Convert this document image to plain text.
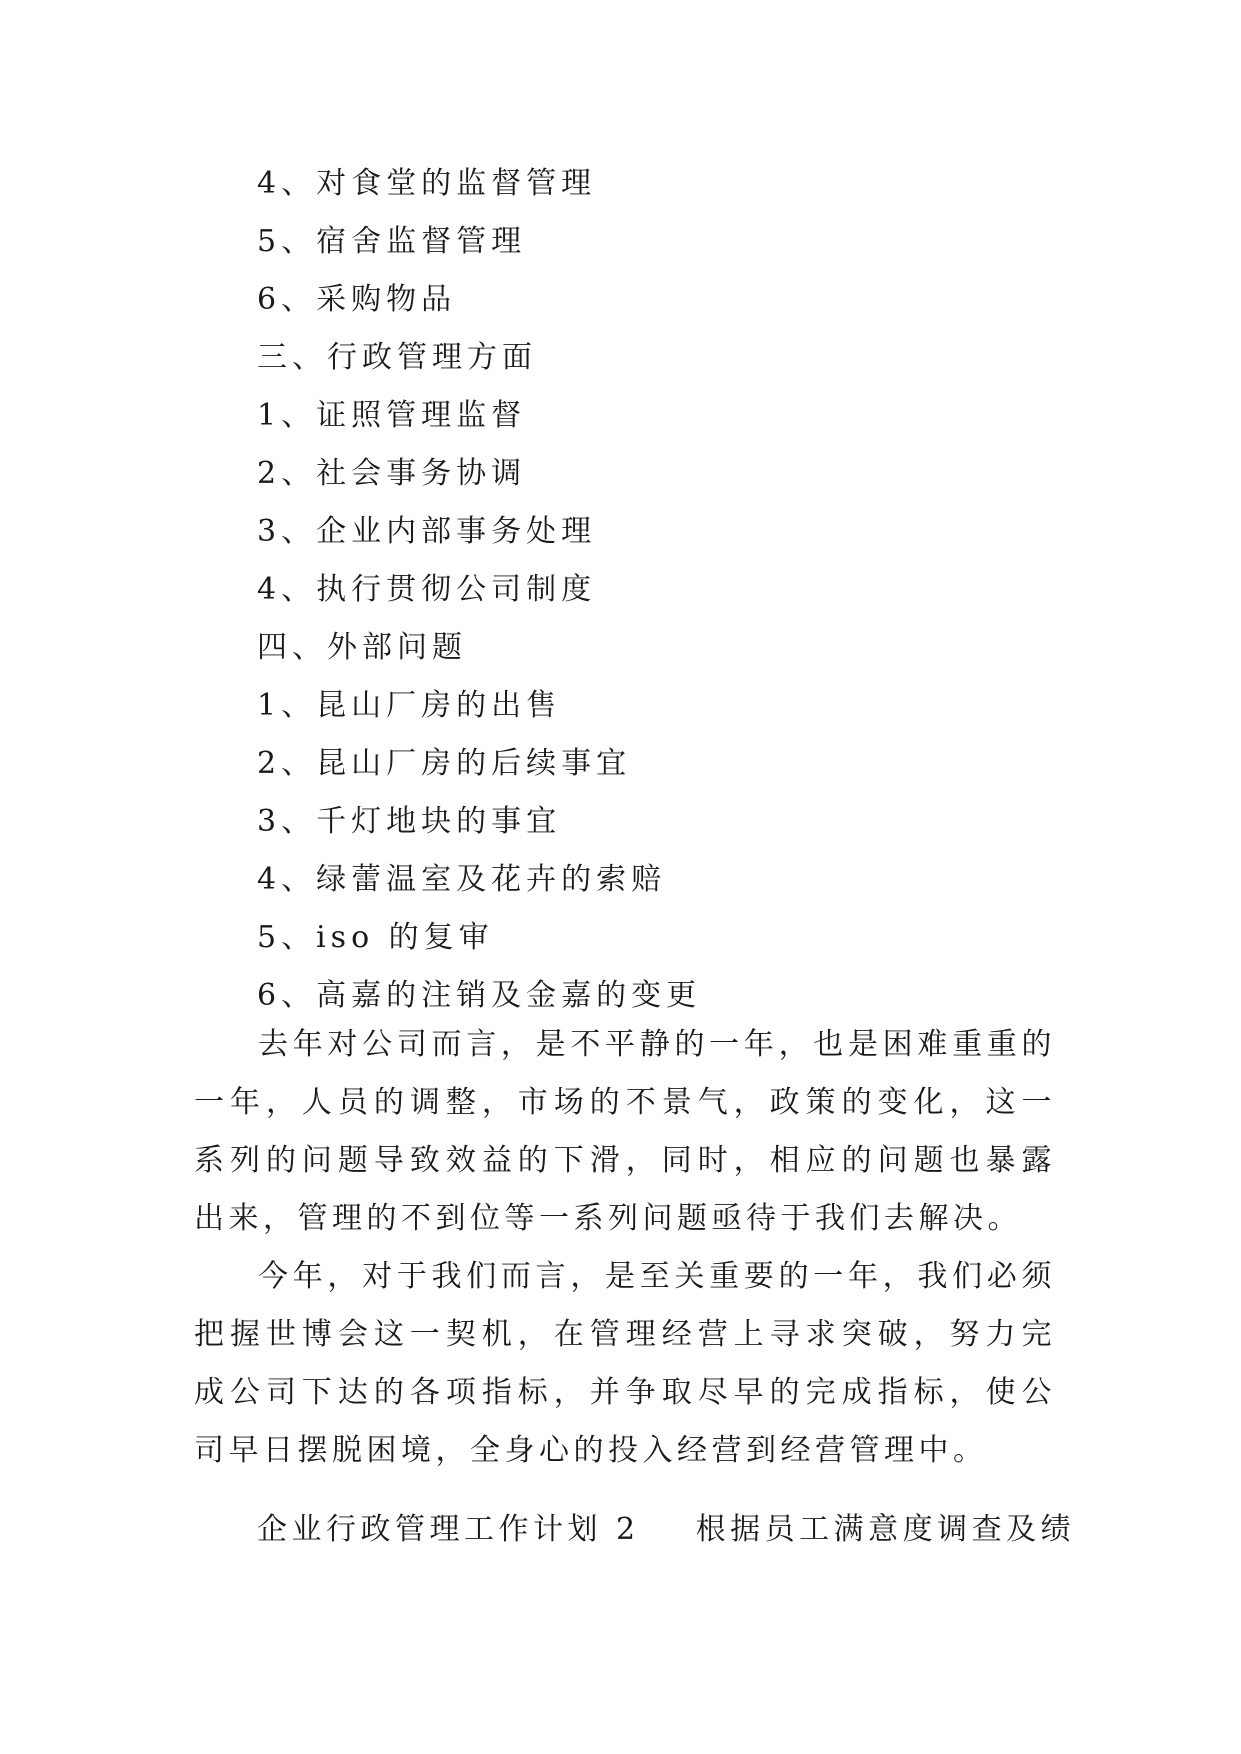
4、对食堂的监督管理
5、宿舍监督管理
6、采购物品
三、行政管理方面
1、证照管理监督
2、社会事务协调
3、企业内部事务处理
4、执行贯彻公司制度
四、外部问题
1、昆山厂房的出售
2、昆山厂房的后续事宜
3、千灯地块的事宜
4、绿蕾温室及花卉的索赔
5、iso 的复审
6、高嘉的注销及金嘉的变更

去年对公司而言，是不平静的一年，也是困难重重的一年，人员的调整，市场的不景气，政策的变化，这一系列的问题导致效益的下滑，同时，相应的问题也暴露出来，管理的不到位等一系列问题亟待于我们去解决。

今年，对于我们而言，是至关重要的一年，我们必须把握世博会这一契机，在管理经营上寻求突破，努力完成公司下达的各项指标，并争取尽早的完成指标，使公司早日摆脱困境，全身心的投入经营到经营管理中。

企业行政管理工作计划 2 根据员工满意度调查及绩
